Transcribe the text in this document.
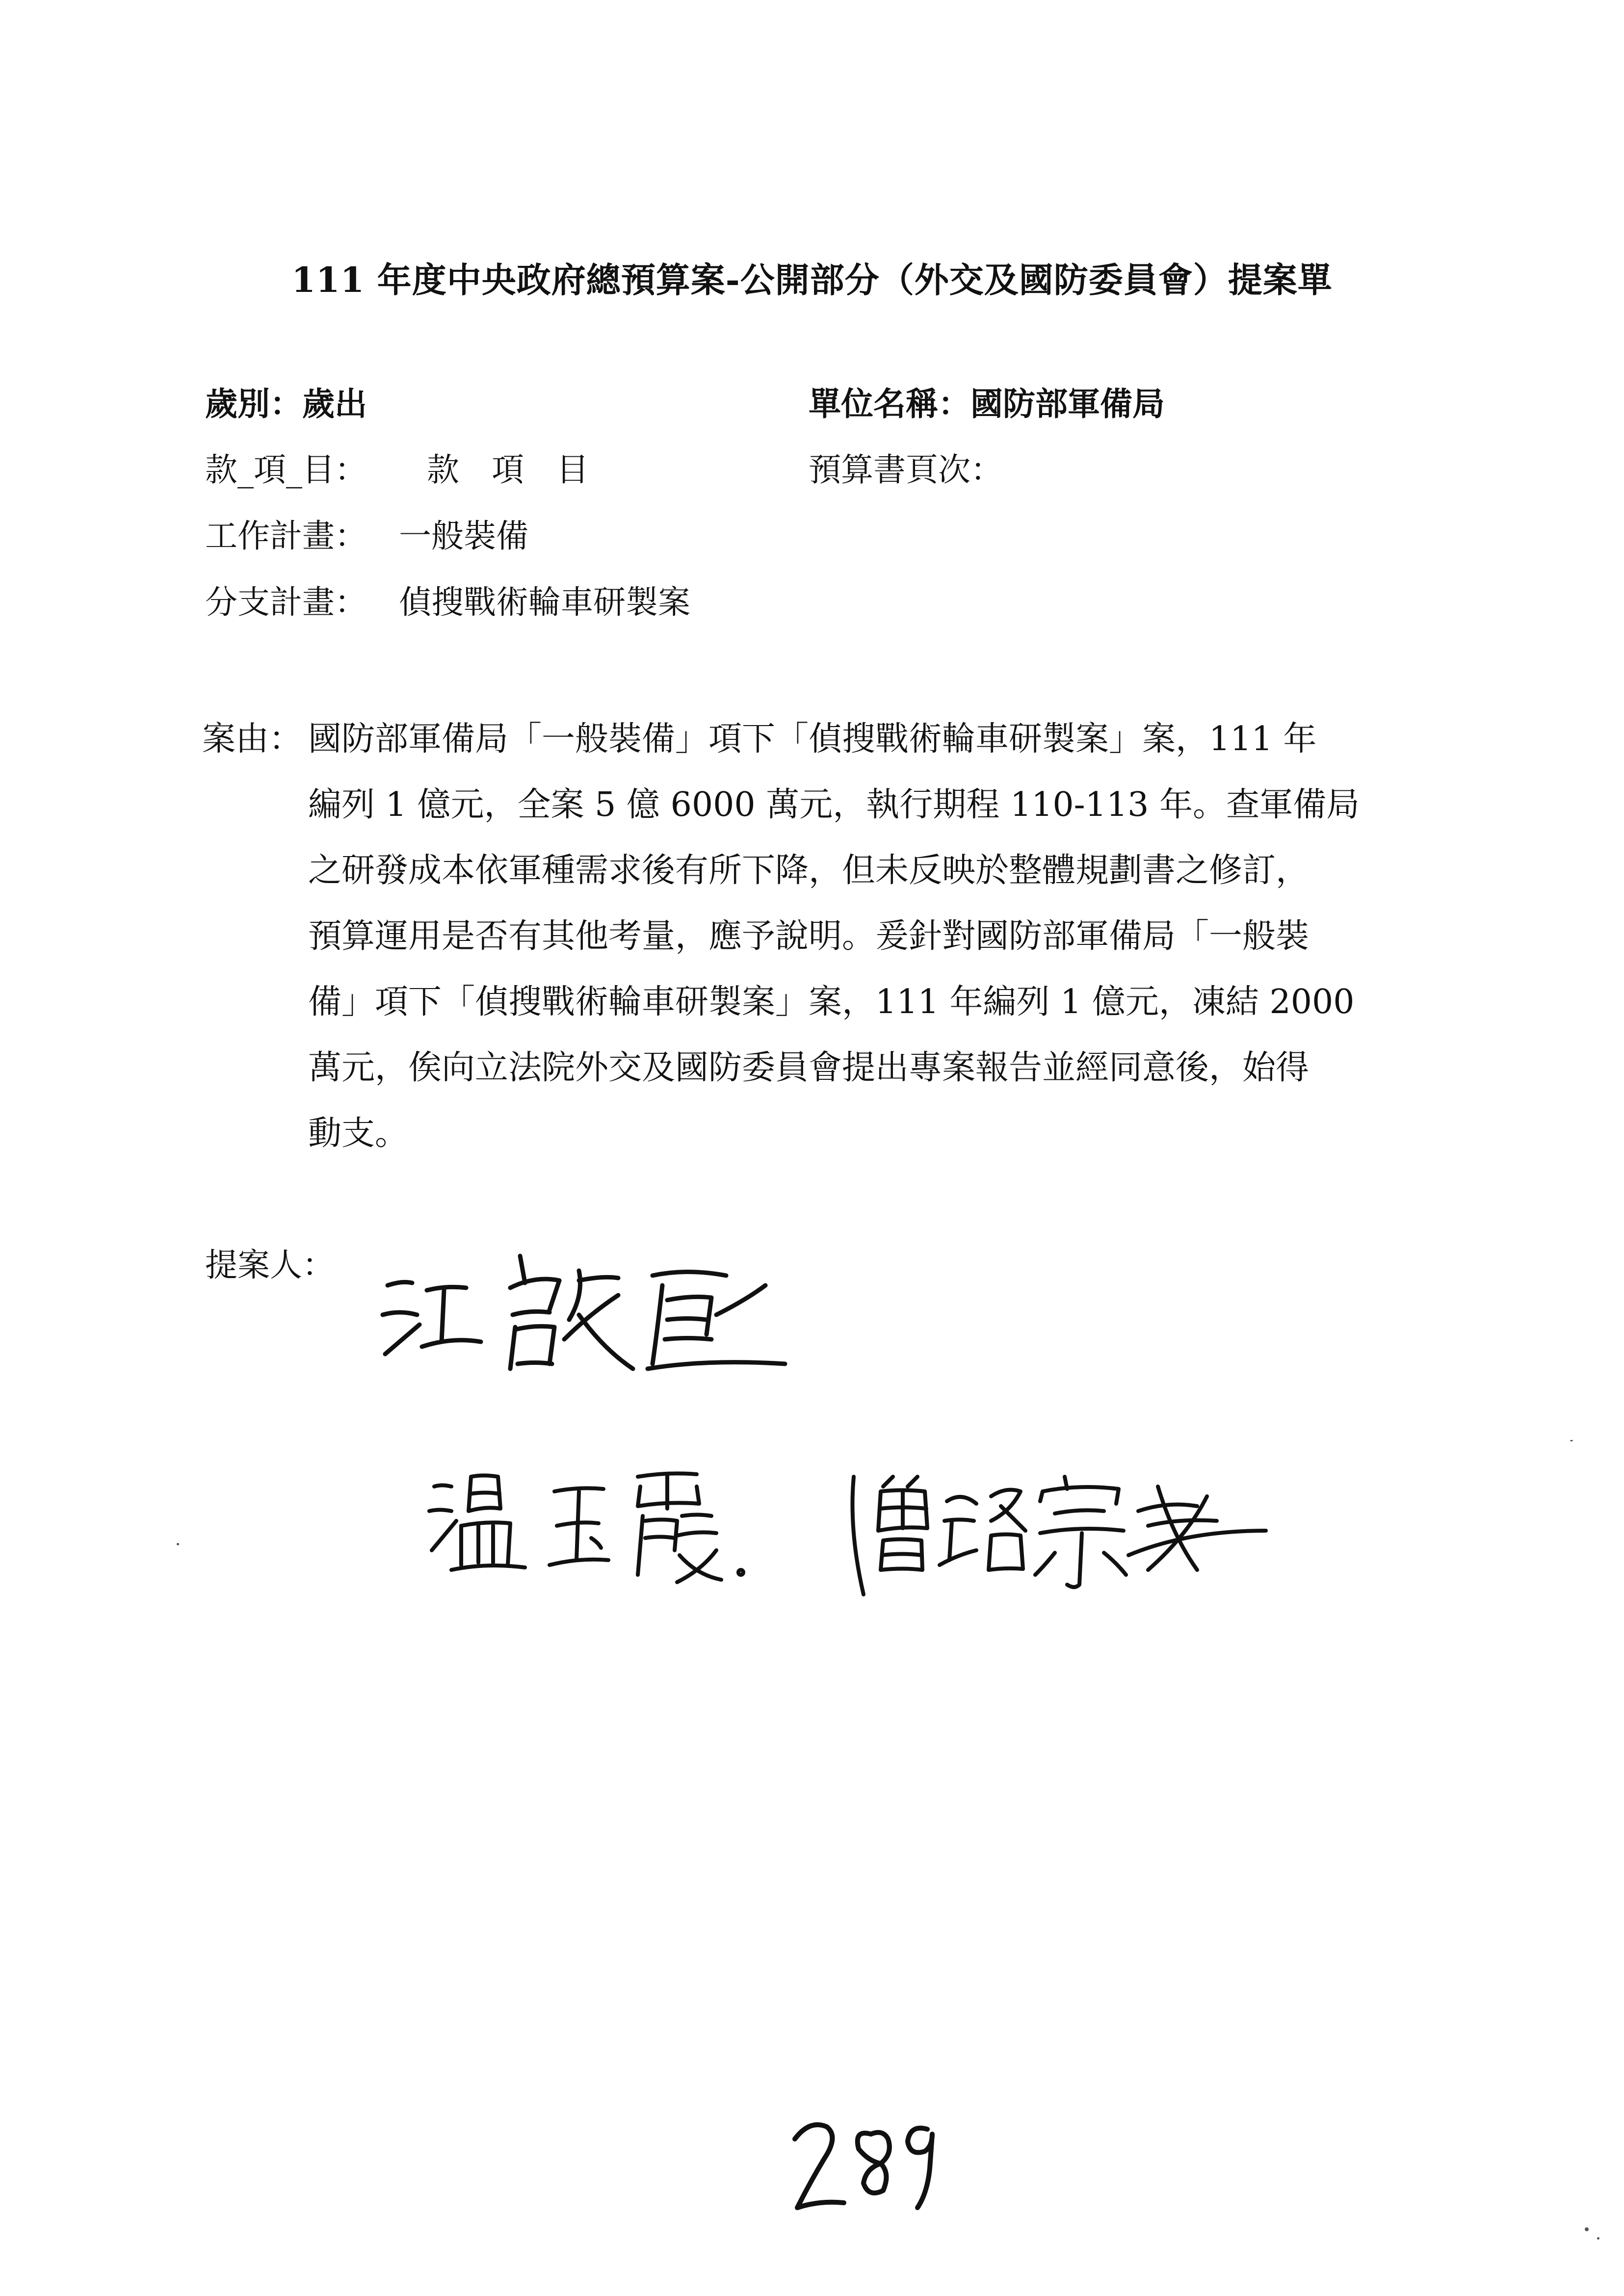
111 年度中央政府總預算案-公開部分（外交及國防委員會）提案單
歲別：歲出	單位名稱：國防部軍備局
款_項_目： 款　項　目	預算書頁次：
工作計畫： 一般裝備
分支計畫： 偵搜戰術輪車研製案
案由： 國防部軍備局「一般裝備」項下「偵搜戰術輪車研製案」案，111 年
編列 1 億元，全案 5 億 6000 萬元，執行期程 110-113 年。查軍備局
之研發成本依軍種需求後有所下降，但未反映於整體規劃書之修訂，
預算運用是否有其他考量，應予說明。爰針對國防部軍備局「一般裝
備」項下「偵搜戰術輪車研製案」案，111 年編列 1 億元，凍結 2000
萬元，俟向立法院外交及國防委員會提出專案報告並經同意後，始得
動支。
提案人：
